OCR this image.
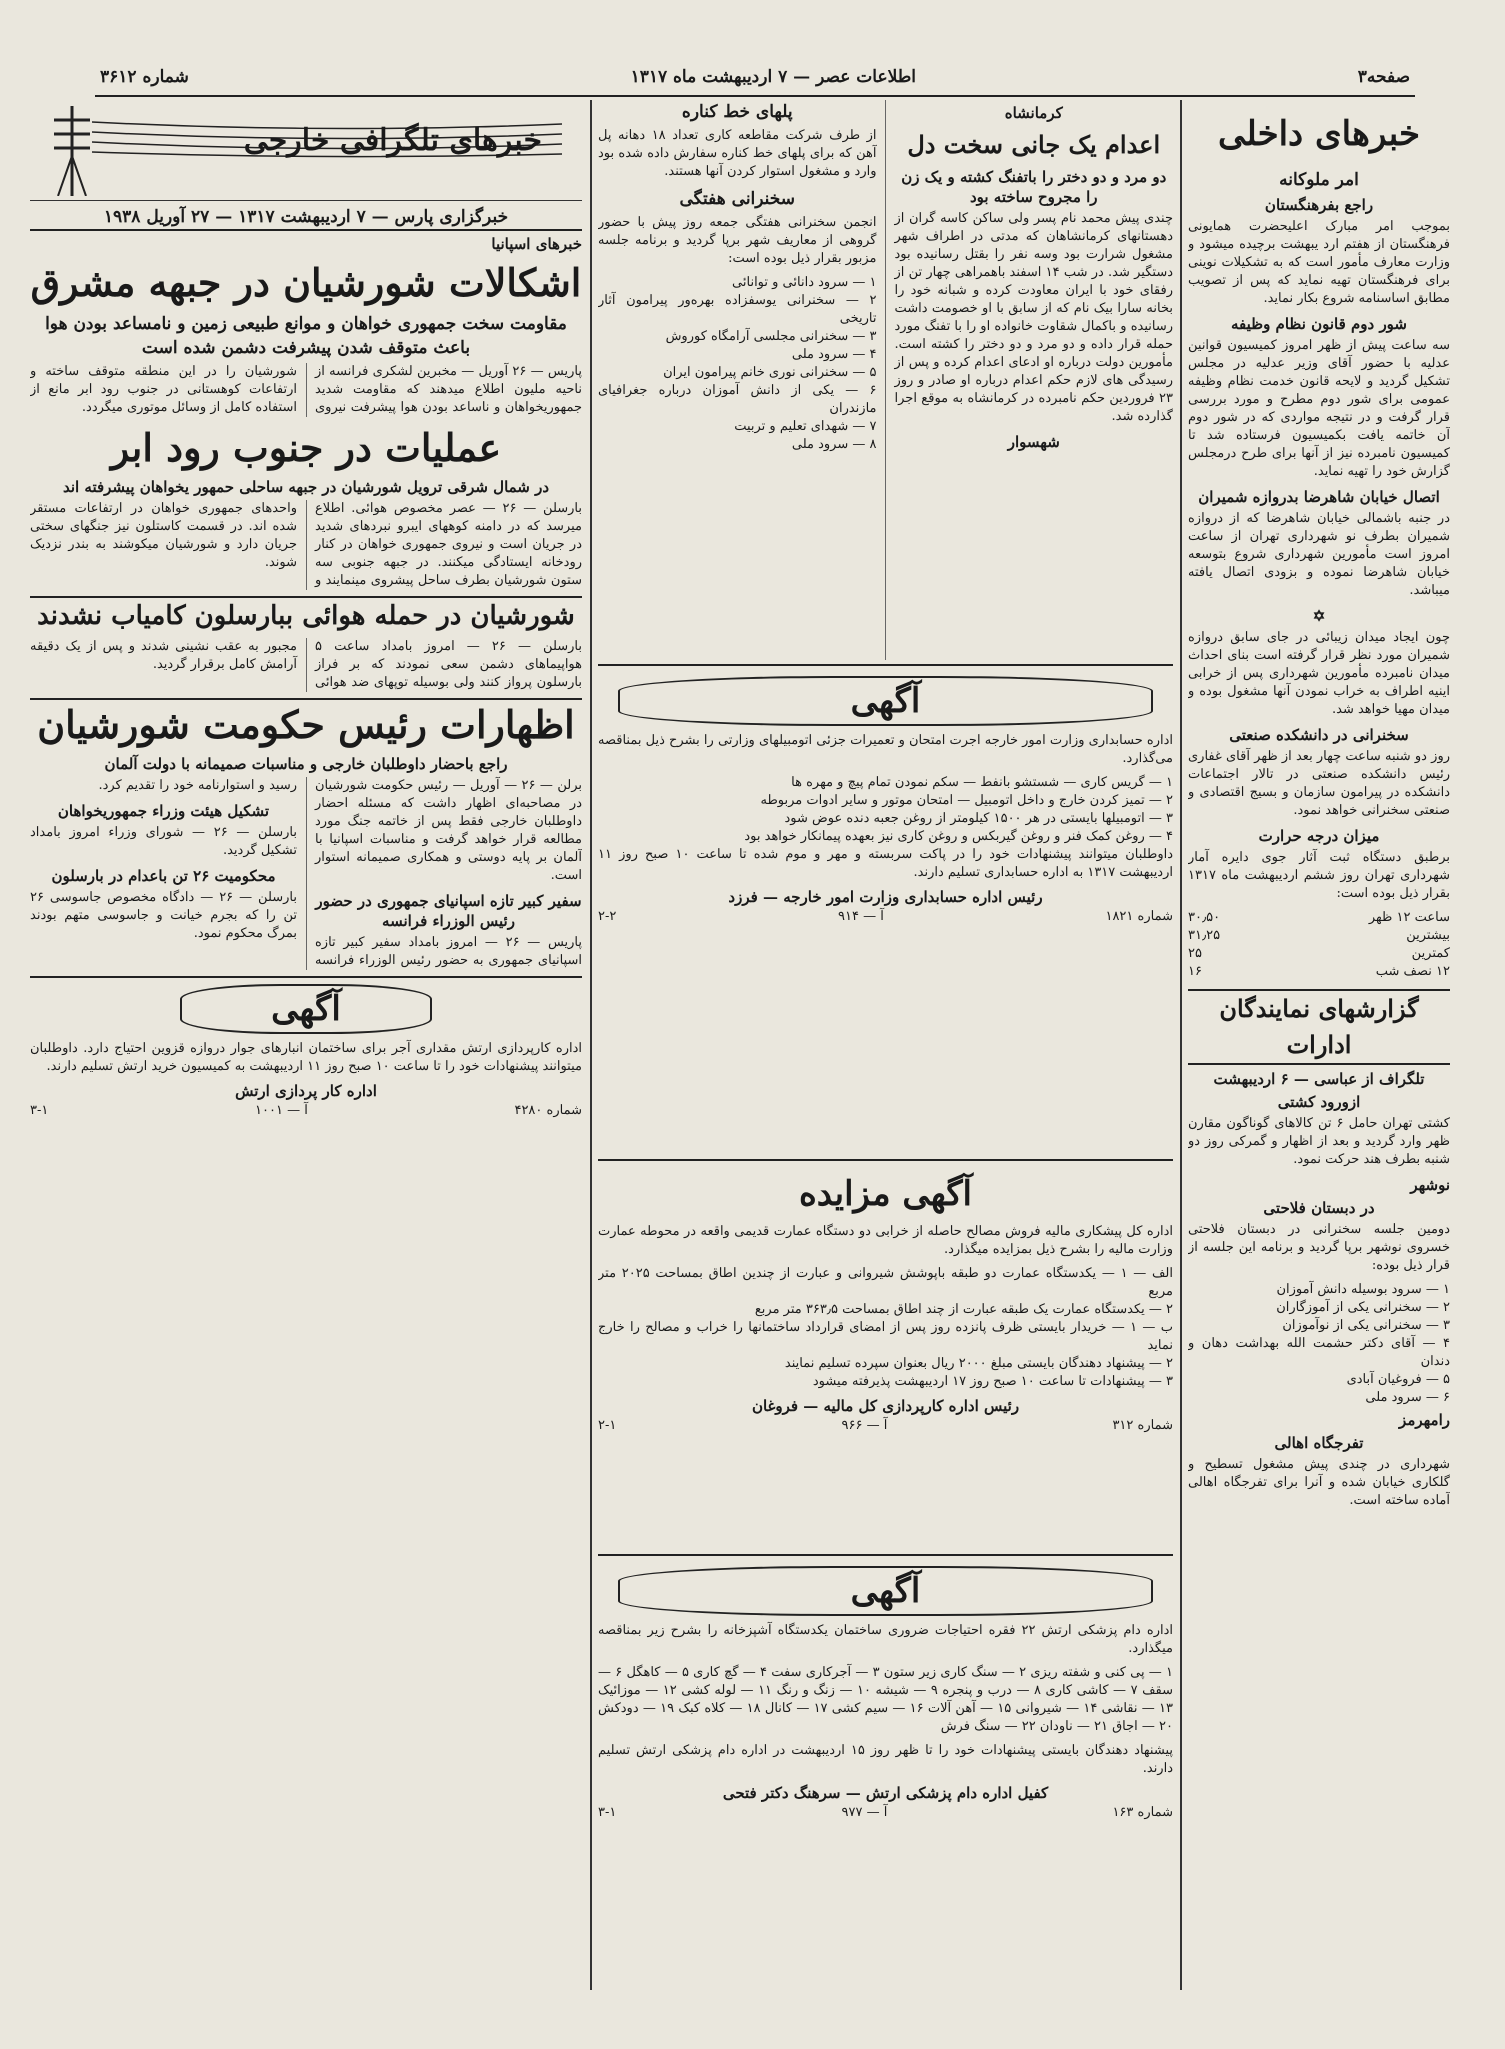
صفحه۳
اطلاعات عصر — ۷ اردیبهشت ماه ۱۳۱۷
شماره ۳۶۱۲
خبرهای داخلی
امر ملوکانه
راجع بفرهنگستان

بموجب امر مبارک اعلیحضرت همایونی فرهنگستان از هفتم ارد یبهشت برچیده میشود و وزارت معارف مأمور است که به تشکیلات نوینی برای فرهنگستان تهیه نماید که پس از تصویب مطابق اساسنامه شروع بکار نماید.

شور دوم قانون نظام وظیفه

سه ساعت پیش از ظهر امروز کمیسیون قوانین عدلیه با حضور آقای وزیر عدلیه در مجلس تشکیل گردید و لایحه قانون خدمت نظام وظیفه عمومی برای شور دوم مطرح و مورد بررسی قرار گرفت و در نتیجه مواردی که در شور دوم آن خاتمه یافت بکمیسیون فرستاده شد تا کمیسیون نامبرده نیز از آنها برای طرح درمجلس گزارش خود را تهیه نماید.

اتصال خیابان شاهرضا بدروازه شمیران

در جنبه باشمالی خیابان شاهرضا که از دروازه شمیران بطرف نو شهرداری تهران از ساعت امروز است مأمورین شهرداری شروع بتوسعه خیابان شاهرضا نموده و بزودی اتصال یافته میباشد.

✡

چون ایجاد میدان زیبائی در جای سابق دروازه شمیران مورد نظر قرار گرفته است بنای احداث میدان نامبرده مأمورین شهرداری پس از خرابی اینیه اطراف به خراب نمودن آنها مشغول بوده و میدان مهیا خواهد شد.

سخنرانی در دانشکده صنعتی

روز دو شنبه ساعت چهار بعد از ظهر آقای غفاری رئیس دانشکده صنعتی در تالار اجتماعات دانشکده در پیرامون سازمان و بسیج اقتصادی و صنعتی سخنرانی خواهد نمود.

میزان درجه حرارت

برطبق دستگاه ثبت آثار جوی دایره آمار شهرداری تهران روز ششم اردیبهشت ماه ۱۳۱۷ بقرار ذیل بوده است:

ساعت ۱۲ ظهر
۳۰٫۵۰
بیشترین
۳۱٫۲۵
کمترین
۲۵
۱۲ نصف شب
۱۶
گزارشهای نمایندگان ادارات
تلگراف از عباسی — ۶ اردیبهشت
ازورود کشتی

کشتی تهران حامل ۶ تن کالاهای گوناگون مقارن ظهر وارد گردید و بعد از اظهار و گمرکی روز دو شنبه بطرف هند حرکت نمود.

نوشهر
در دبستان فلاحتی

دومین جلسه سخنرانی در دبستان فلاحتی خسروی نوشهر برپا گردید و برنامه این جلسه از قرار ذیل بوده:

۱ — سرود بوسیله دانش آموزان
۲ — سخنرانی یکی از آموزگاران
۳ — سخنرانی یکی از نوآموزان
۴ — آقای دکتر حشمت الله بهداشت دهان و دندان
۵ — فروغیان آبادی
۶ — سرود ملی
رامهرمز
تفرجگاه اهالی

شهرداری در چندی پیش مشغول تسطیح و گلکاری خیابان شده و آنرا برای تفرجگاه اهالی آماده ساخته است.

کرمانشاه
اعدام یک جانی سخت دل
دو مرد و دو دختر را باتفنگ کشته و یک زن را مجروح ساخته بود

چندی پیش محمد نام پسر ولی ساکن کاسه گران از دهستانهای کرمانشاهان که مدتی در اطراف شهر مشغول شرارت بود وسه نفر را بقتل رسانیده بود دستگیر شد. در شب ۱۴ اسفند باهمراهی چهار تن از رفقای خود با ایران معاودت کرده و شبانه خود را بخانه سارا بیک نام که از سابق با او خصومت داشت رسانیده و باکمال شقاوت خانواده او را با تفنگ مورد حمله قرار داده و دو مرد و دو دختر را کشته است. مأمورین دولت درباره او ادعای اعدام کرده و پس از رسیدگی های لازم حکم اعدام درباره او صادر و روز ۲۳ فروردین حکم نامبرده در کرمانشاه به موقع اجرا گذارده شد.

شهسوار
پلهای خط کناره

از طرف شرکت مقاطعه کاری تعداد ۱۸ دهانه پل آهن که برای پلهای خط کناره سفارش داده شده بود وارد و مشغول استوار کردن آنها هستند.

سخنرانی هفتگی

انجمن سخنرانی هفتگی جمعه روز پیش با حضور گروهی از معاریف شهر برپا گردید و برنامه جلسه مزبور بقرار ذیل بوده است:

۱ — سرود دانائی و توانائی
۲ — سخنرانی یوسفزاده بهره‌ور پیرامون آثار تاریخی
۳ — سخنرانی مجلسی آرامگاه کوروش
۴ — سرود ملی
۵ — سخنرانی نوری خانم پیرامون ایران
۶ — یکی از دانش آموزان درباره جغرافیای مازندران
۷ — شهدای تعلیم و تربیت
۸ — سرود ملی
آگهی

اداره حسابداری وزارت امور خارجه اجرت امتحان و تعمیرات جزئی اتومبیلهای وزارتی را بشرح ذیل بمناقصه می‌گذارد.

۱ — گریس کاری — شستشو بانفط — سکم نمودن تمام پیچ و مهره ها
۲ — تمیز کردن خارج و داخل اتومبیل — امتحان موتور و سایر ادوات مربوطه
۳ — اتومبیلها بایستی در هر ۱۵۰۰ کیلومتر از روغن جعبه دنده عوض شود
۴ — روغن کمک فنر و روغن گیربکس و روغن کاری نیز بعهده پیمانکار خواهد بود

داوطلبان میتوانند پیشنهادات خود را در پاکت سربسته و مهر و موم شده تا ساعت ۱۰ صبح روز ۱۱ اردیبهشت ۱۳۱۷ به اداره حسابداری تسلیم دارند.

رئیس اداره حسابداری وزارت امور خارجه — فرزد
شماره ۱۸۲۱
آ — ۹۱۴
۲-۲
آگهی مزایده

اداره کل پیشکاری مالیه فروش مصالح حاصله از خرابی دو دستگاه عمارت قدیمی واقعه در محوطه عمارت وزارت مالیه را بشرح ذیل بمزایده میگذارد.

الف — ۱ — یکدستگاه عمارت دو طبقه باپوشش شیروانی و عبارت از چندین اطاق بمساحت ۲۰۲۵ متر مربع
۲ — یکدستگاه عمارت یک طبقه عبارت از چند اطاق بمساحت ۳۶۳٫۵ متر مربع
ب — ۱ — خریدار بایستی ظرف پانزده روز پس از امضای قرارداد ساختمانها را خراب و مصالح را خارج نماید
۲ — پیشنهاد دهندگان بایستی مبلغ ۲۰۰۰ ریال بعنوان سپرده تسلیم نمایند
۳ — پیشنهادات تا ساعت ۱۰ صبح روز ۱۷ اردیبهشت پذیرفته میشود
رئیس اداره کارپردازی کل مالیه — فروغان
شماره ۳۱۲
آ — ۹۶۶
۲-۱
آگهی

اداره دام پزشکی ارتش ۲۲ فقره احتیاجات ضروری ساختمان یکدستگاه آشپزخانه را بشرح زیر بمناقصه میگذارد.

۱ — پی کنی و شفته ریزی ۲ — سنگ کاری زیر ستون ۳ — آجرکاری سفت ۴ — گچ کاری ۵ — کاهگل ۶ — سقف ۷ — کاشی کاری ۸ — درب و پنجره ۹ — شیشه ۱۰ — زنگ و رنگ ۱۱ — لوله کشی ۱۲ — موزائیک ۱۳ — نقاشی ۱۴ — شیروانی ۱۵ — آهن آلات ۱۶ — سیم کشی ۱۷ — کانال ۱۸ — کلاه کبک ۱۹ — دودکش ۲۰ — اجاق ۲۱ — ناودان ۲۲ — سنگ فرش

پیشنهاد دهندگان بایستی پیشنهادات خود را تا ظهر روز ۱۵ اردیبهشت در اداره دام پزشکی ارتش تسلیم دارند.

کفیل اداره دام پزشکی ارتش — سرهنگ دکتر فتحی
شماره ۱۶۳
آ — ۹۷۷
۳-۱
خبرهای تلگرافی خارجی
خبرگزاری پارس — ۷ اردیبهشت ۱۳۱۷ — ۲۷ آوریل ۱۹۳۸
خبرهای اسپانیا
اشکالات شورشیان در جبهه مشرق
مقاومت سخت جمهوری خواهان و موانع طبیعی زمین و نامساعد بودن هوا باعث متوقف شدن پیشرفت دشمن شده است

پاریس — ۲۶ آوریل — مخبرین لشکری فرانسه از ناحیه ملیون اطلاع میدهند که مقاومت شدید جمهوریخواهان و ناساعد بودن هوا پیشرفت نیروی شورشیان را در این منطقه متوقف ساخته و ارتفاعات کوهستانی در جنوب رود ابر مانع از استفاده کامل از وسائل موتوری میگردد.

عملیات در جنوب رود ابر
در شمال شرقی ترویل شورشیان در جبهه ساحلی حمهور یخواهان پیشرفته اند

بارسلن — ۲۶ — عصر مخصوص هوائی. اطلاع میرسد که در دامنه کوههای ایبرو نبردهای شدید در جریان است و نیروی جمهوری خواهان در کنار رودخانه ایستادگی میکنند. در جبهه جنوبی سه ستون شورشیان بطرف ساحل پیشروی مینمایند و واحدهای جمهوری خواهان در ارتفاعات مستقر شده اند. در قسمت کاستلون نیز جنگهای سختی جریان دارد و شورشیان میکوشند به بندر نزدیک شوند.

شورشیان در حمله هوائی ببارسلون کامیاب نشدند

بارسلن — ۲۶ — امروز بامداد ساعت ۵ هواپیماهای دشمن سعی نمودند که بر فراز بارسلون پرواز کنند ولی بوسیله توپهای ضد هوائی مجبور به عقب نشینی شدند و پس از یک دقیقه آرامش کامل برقرار گردید.

اظهارات رئیس حکومت شورشیان
راجع باحضار داوطلبان خارجی و مناسبات صمیمانه با دولت آلمان

برلن — ۲۶ — آوریل — رئیس حکومت شورشیان در مصاحبه‌ای اظهار داشت که مسئله احضار داوطلبان خارجی فقط پس از خاتمه جنگ مورد مطالعه قرار خواهد گرفت و مناسبات اسپانیا با آلمان بر پایه دوستی و همکاری صمیمانه استوار است.

سفیر کبیر تازه اسپانیای جمهوری در حضور رئیس الوزراء فرانسه

پاریس — ۲۶ — امروز بامداد سفیر کبیر تازه اسپانیای جمهوری به حضور رئیس الوزراء فرانسه رسید و استوارنامه خود را تقدیم کرد.

تشکیل هیئت وزراء جمهوریخواهان

بارسلن — ۲۶ — شورای وزراء امروز بامداد تشکیل گردید.

محکومیت ۲۶ تن باعدام در بارسلون

بارسلن — ۲۶ — دادگاه مخصوص جاسوسی ۲۶ تن را که بجرم خیانت و جاسوسی متهم بودند بمرگ محکوم نمود.

آگهی

اداره کارپردازی ارتش مقداری آجر برای ساختمان انبارهای جوار دروازه قزوین احتیاج دارد. داوطلبان میتوانند پیشنهادات خود را تا ساعت ۱۰ صبح روز ۱۱ اردیبهشت به کمیسیون خرید ارتش تسلیم دارند.

اداره کار پردازی ارتش
شماره ۴۲۸۰
آ — ۱۰۰۱
۳-۱
